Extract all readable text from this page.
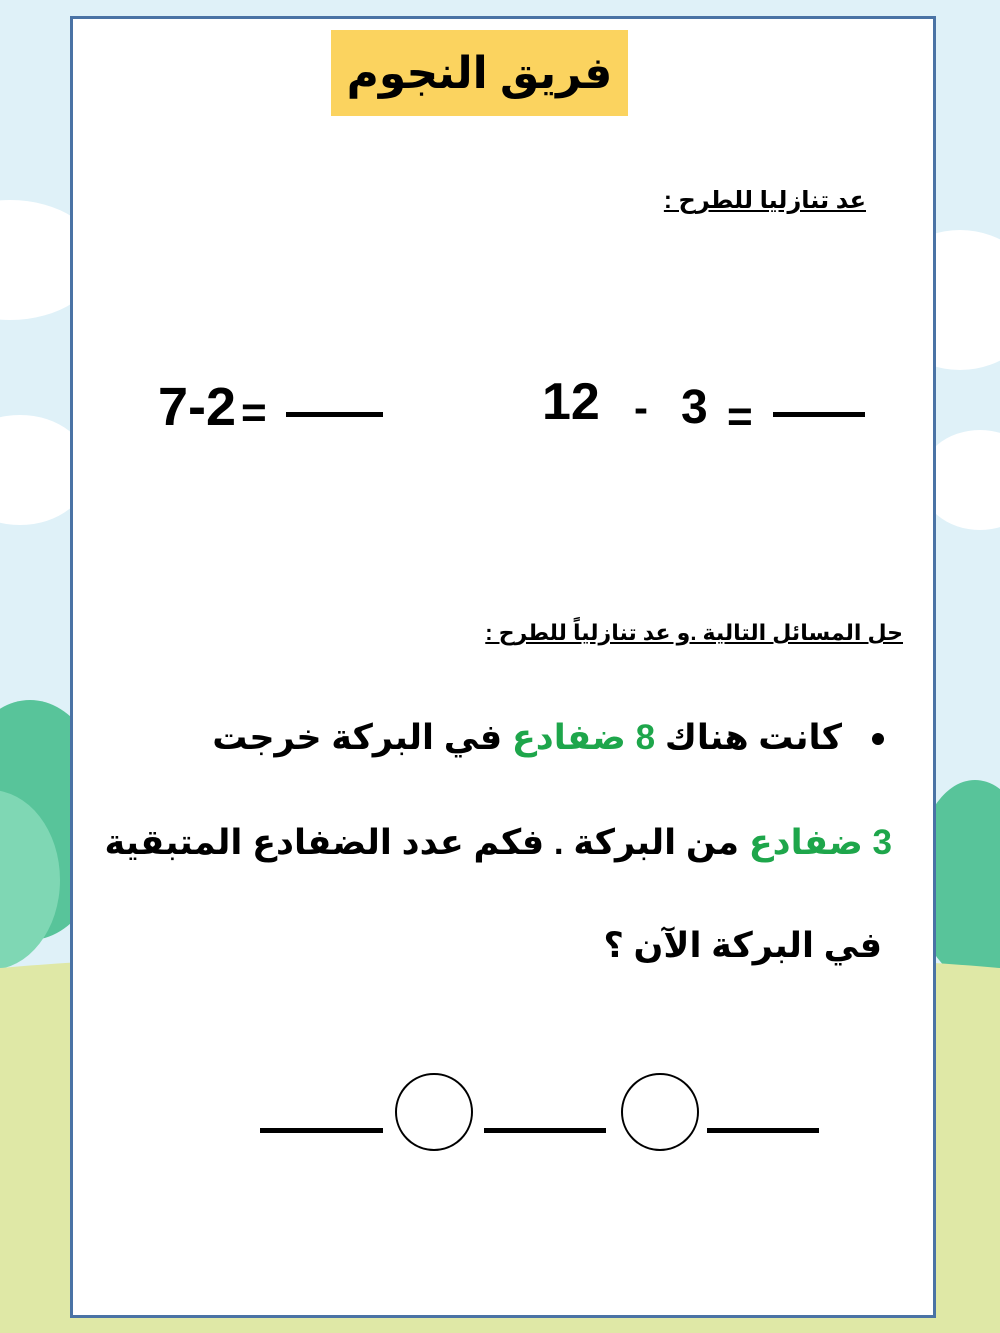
فريق النجوم
عد تنازليا للطرح :
12 - 3 =
7-2 =
حل المسائل التالية .و عد تنازلياً للطرح :
كانت هناك 8 ضفادع في البركة خرجت
3 ضفادع من البركة . فكم عدد الضفادع المتبقية
في البركة الآن ؟
